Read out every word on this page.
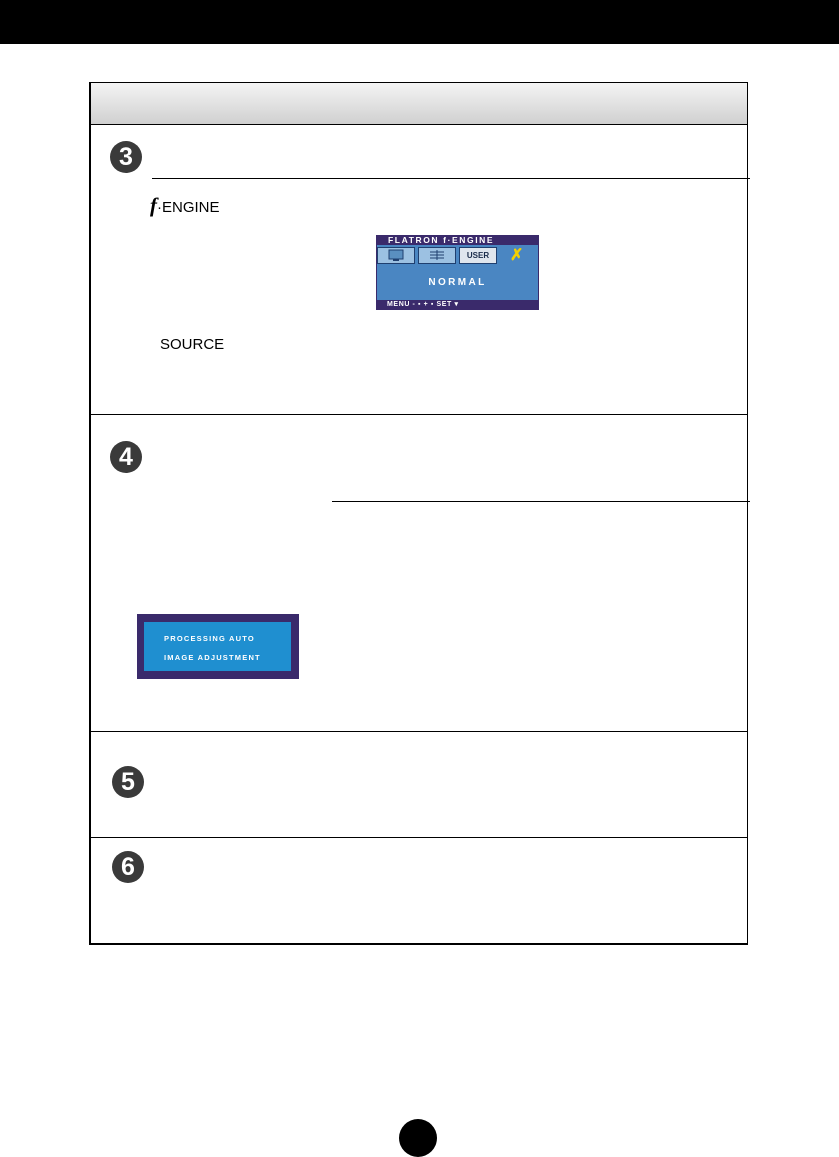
3
f·ENGINE
FLATRON f·ENGINE
USER	✗
NORMAL
MENU - ▪ + ▪ SET ▾
SOURCE
4
PROCESSING AUTO
IMAGE ADJUSTMENT
5
6
